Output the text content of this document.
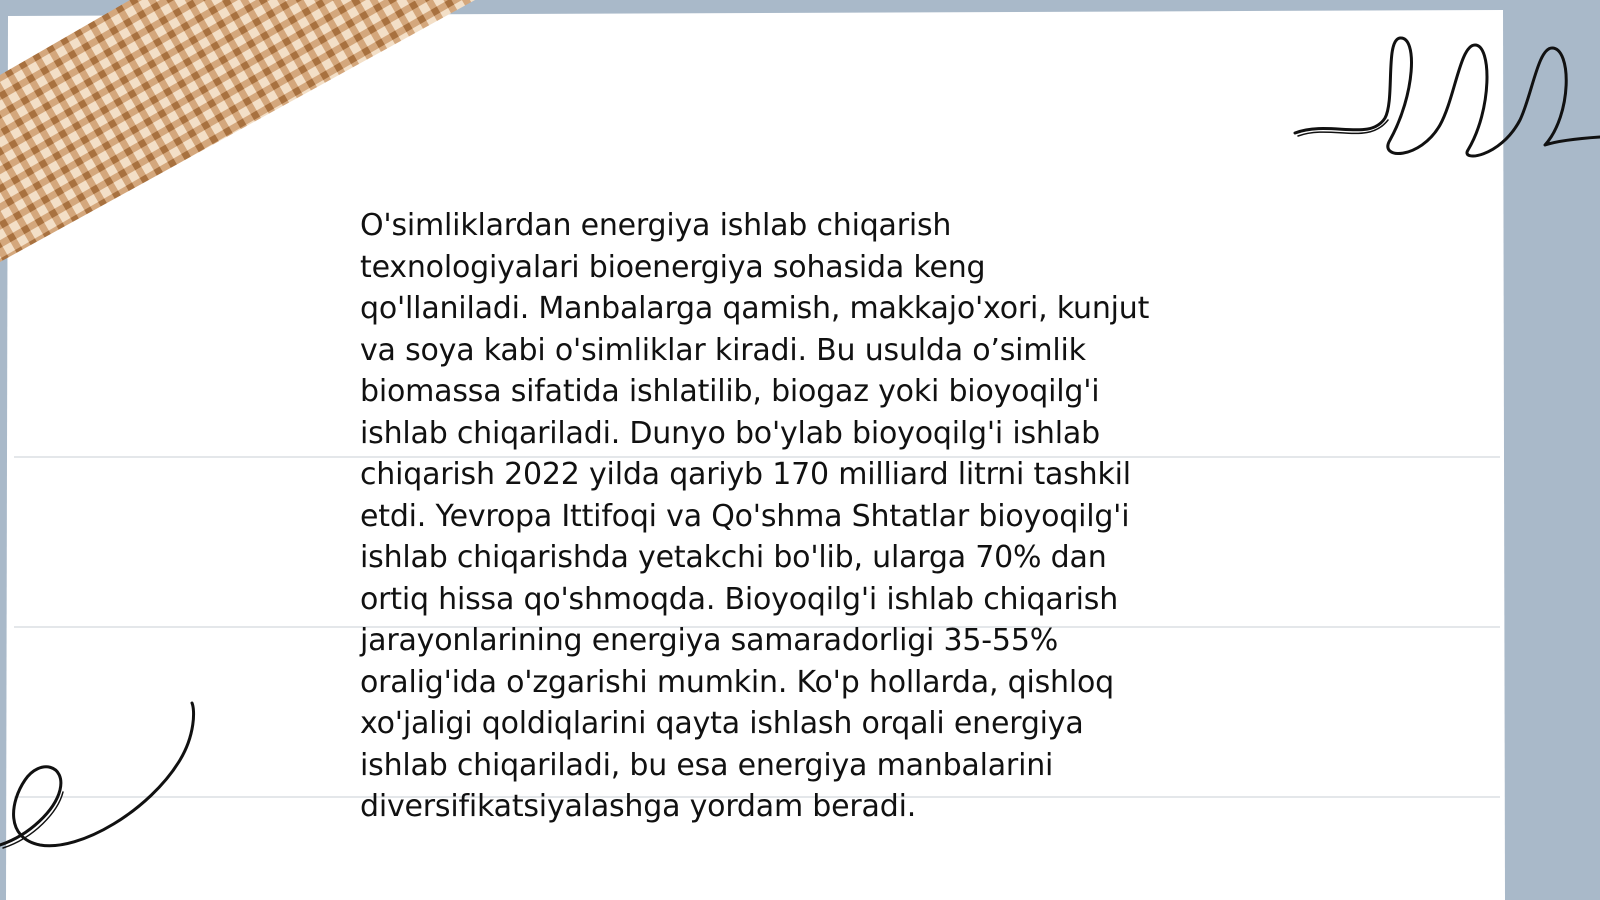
O'simliklardan energiya ishlab chiqarish
texnologiyalari bioenergiya sohasida keng
qo'llaniladi. Manbalarga qamish, makkajo'xori, kunjut
va soya kabi o'simliklar kiradi. Bu usulda o’simlik
biomassa sifatida ishlatilib, biogaz yoki bioyoqilg'i
ishlab chiqariladi. Dunyo bo'ylab bioyoqilg'i ishlab
chiqarish 2022 yilda qariyb 170 milliard litrni tashkil
etdi. Yevropa Ittifoqi va Qo'shma Shtatlar bioyoqilg'i
ishlab chiqarishda yetakchi bo'lib, ularga 70% dan
ortiq hissa qo'shmoqda. Bioyoqilg'i ishlab chiqarish
jarayonlarining energiya samaradorligi 35-55%
oralig'ida o'zgarishi mumkin. Ko'p hollarda, qishloq
xo'jaligi qoldiqlarini qayta ishlash orqali energiya
ishlab chiqariladi, bu esa energiya manbalarini
diversifikatsiyalashga yordam beradi.
